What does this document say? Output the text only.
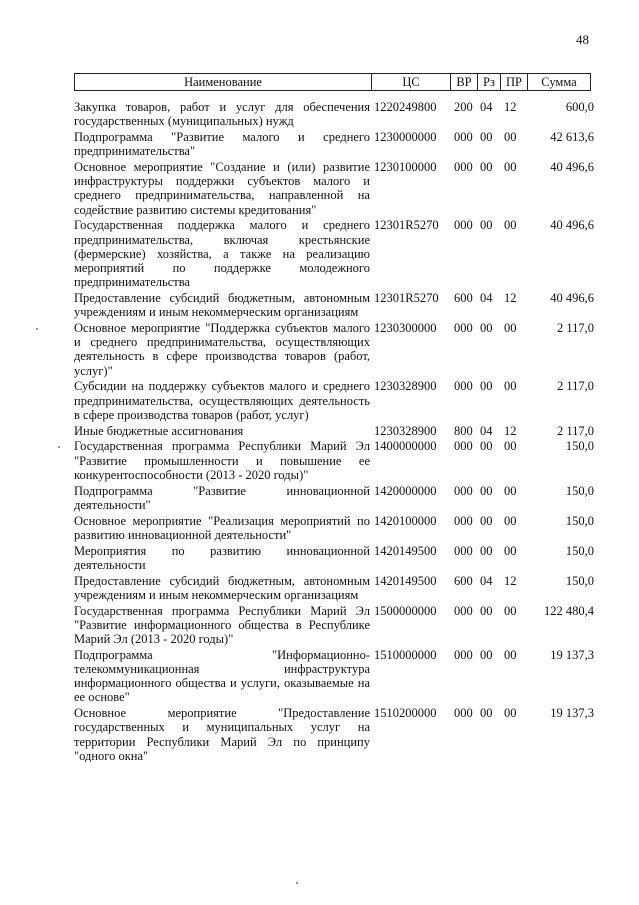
48
Наименование	ЦС	ВР	Рз	ПР	Сумма
Закупка товаров, работ и услуг для обеспечения государственных (муниципальных) нужд
1220249800	200 04 12	600,0
Подпрограмма "Развитие малого и среднего предпринимательства"
1230000000	000 00 00	42 613,6
Основное мероприятие "Создание и (или) развитие инфраструктуры поддержки субъектов малого и среднего предпринимательства, направленной на содействие развитию системы кредитования"
1230100000	000 00 00	40 496,6
Государственная поддержка малого и среднего предпринимательства, включая крестьянские (фермерские) хозяйства, а также на реализацию мероприятий по поддержке молодежного предпринимательства
12301R5270	000 00 00	40 496,6
Предоставление субсидий бюджетным, автономным учреждениям и иным некоммерческим организациям
12301R5270	600 04 12	40 496,6
Основное мероприятие "Поддержка субъектов малого и среднего предпринимательства, осуществляющих деятельность в сфере производства товаров (работ, услуг)"
1230300000	000 00 00	2 117,0
Субсидии на поддержку субъектов малого и среднего предпринимательства, осуществляющих деятельность в сфере производства товаров (работ, услуг)
1230328900	000 00 00	2 117,0
Иные бюджетные ассигнования	1230328900	800 04 12	2 117,0
Государственная программа Республики Марий Эл "Развитие промышленности и повышение ее конкурентоспособности (2013 - 2020 годы)"
1400000000	000 00 00	150,0
Подпрограмма "Развитие инновационной деятельности"
1420000000	000 00 00	150,0
Основное мероприятие "Реализация мероприятий по развитию инновационной деятельности"
1420100000	000 00 00	150,0
Мероприятия по развитию инновационной деятельности
1420149500	000 00 00	150,0
Предоставление субсидий бюджетным, автономным учреждениям и иным некоммерческим организациям
1420149500	600 04 12	150,0
Государственная программа Республики Марий Эл "Развитие информационного общества в Республике Марий Эл (2013 - 2020 годы)"
1500000000	000 00 00	122 480,4
Подпрограмма "Информационно-телекоммуникационная инфраструктура информационного общества и услуги, оказываемые на ее основе"
1510000000	000 00 00	19 137,3
Основное мероприятие "Предоставление государственных и муниципальных услуг на территории Республики Марий Эл по принципу "одного окна"
1510200000	000 00 00	19 137,3
